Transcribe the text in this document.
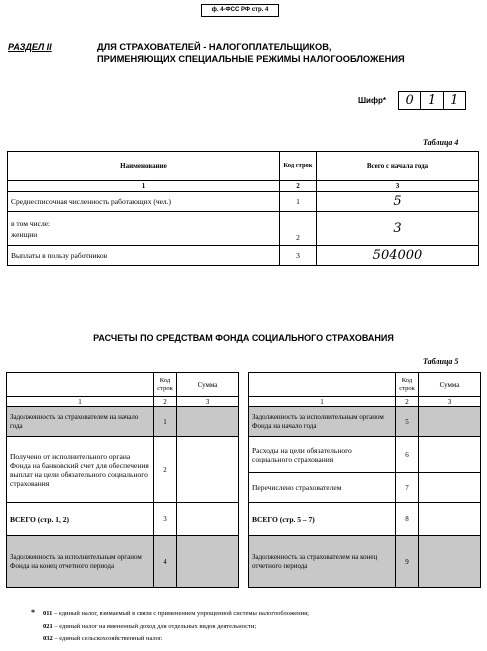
ф. 4-ФСС РФ стр. 4
РАЗДЕЛ II	ДЛЯ СТРАХОВАТЕЛЕЙ - НАЛОГОПЛАТЕЛЬЩИКОВ,
ПРИМЕНЯЮЩИХ СПЕЦИАЛЬНЫЕ РЕЖИМЫ НАЛОГООБЛОЖЕНИЯ
Шифр*	0	1	1
Таблица 4
Наименование	Код строк	Всего с начала года
1	2	3
Среднесписочная численность работающих (чел.)	1	5

в том числе:
женщин	2	3
Выплаты в пользу работников	3	504000
РАСЧЕТЫ ПО СРЕДСТВАМ ФОНДА СОЦИАЛЬНОГО СТРАХОВАНИЯ
Таблица 5
	Код строк	Сумма
1	2	3
Задолженность за страхователем на начало года	1	
Получено от исполнительного органа Фонда на банковский счет для обеспечения выплат на цели обязательного социального страхования	2	
ВСЕГО (стр. 1, 2)	3	
Задолженность за исполнительным органом Фонда на конец отчетного периода	4	
	Код строк	Сумма
1	2	3
Задолженность за исполнительным органом Фонда на начало года	5	
Расходы на цели обязательного социального страхования	6	
Перечислено страхователем	7	
ВСЕГО (стр. 5 – 7)	8	
Задолженность за страхователем на конец отчетного периода	9	
* 011 – единый налог, взимаемый в связи с применением упрощенной системы налогообложения;
021 – единый налог на вмененный доход для отдельных видов деятельности;
032 – единый сельскохозяйственный налог.
